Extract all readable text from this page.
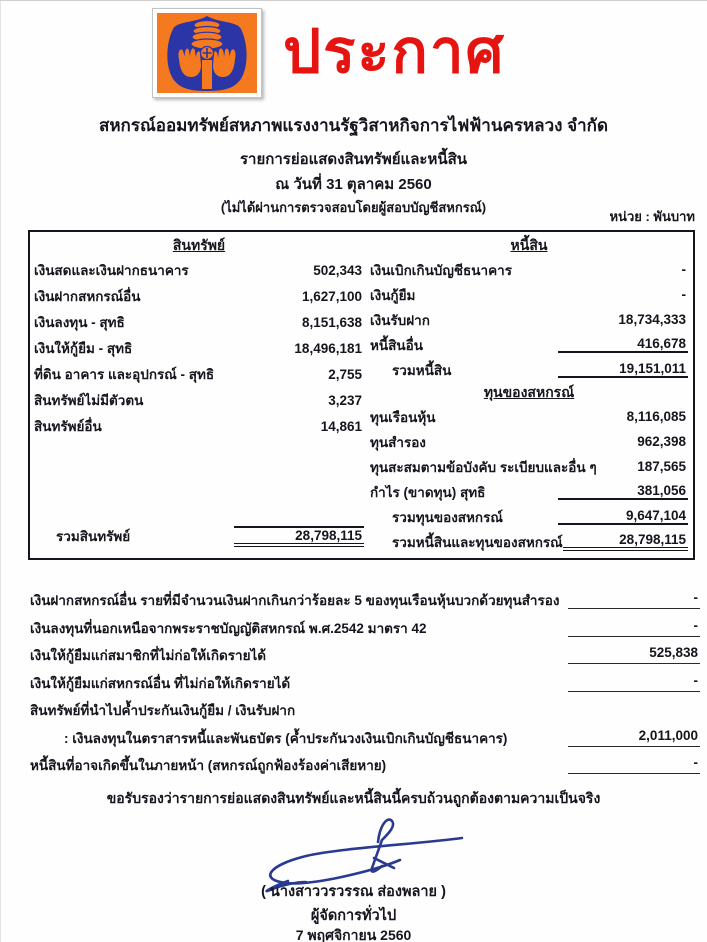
ประกาศ
สหกรณ์ออมทรัพย์สหภาพแรงงานรัฐวิสาหกิจการไฟฟ้านครหลวง จำกัด
รายการย่อแสดงสินทรัพย์และหนี้สิน
ณ วันที่ 31 ตุลาคม 2560
(ไม่ได้ผ่านการตรวจสอบโดยผู้สอบบัญชีสหกรณ์)
หน่วย : พันบาท
สินทรัพย์
เงินสดและเงินฝากธนาคาร	502,343
เงินฝากสหกรณ์อื่น	1,627,100
เงินลงทุน - สุทธิ	8,151,638
เงินให้กู้ยืม - สุทธิ	18,496,181
ที่ดิน อาคาร และอุปกรณ์ - สุทธิ	2,755
สินทรัพย์ไม่มีตัวตน	3,237
สินทรัพย์อื่น	14,861
รวมสินทรัพย์	28,798,115
หนี้สิน
เงินเบิกเกินบัญชีธนาคาร	-
เงินกู้ยืม	-
เงินรับฝาก	18,734,333
หนี้สินอื่น	416,678
รวมหนี้สิน	19,151,011
ทุนของสหกรณ์
ทุนเรือนหุ้น	8,116,085
ทุนสำรอง	962,398
ทุนสะสมตามข้อบังคับ ระเบียบและอื่น ๆ	187,565
กำไร (ขาดทุน) สุทธิ	381,056
รวมทุนของสหกรณ์	9,647,104
รวมหนี้สินและทุนของสหกรณ์	28,798,115
เงินฝากสหกรณ์อื่น รายที่มีจำนวนเงินฝากเกินกว่าร้อยละ 5 ของทุนเรือนหุ้นบวกด้วยทุนสำรอง	-
เงินลงทุนที่นอกเหนือจากพระราชบัญญัติสหกรณ์ พ.ศ.2542 มาตรา 42	-
เงินให้กู้ยืมแก่สมาชิกที่ไม่ก่อให้เกิดรายได้	525,838
เงินให้กู้ยืมแก่สหกรณ์อื่น ที่ไม่ก่อให้เกิดรายได้	-
สินทรัพย์ที่นำไปค้ำประกันเงินกู้ยืม / เงินรับฝาก
: เงินลงทุนในตราสารหนี้และพันธบัตร (ค้ำประกันวงเงินเบิกเกินบัญชีธนาคาร)	2,011,000
หนี้สินที่อาจเกิดขึ้นในภายหน้า (สหกรณ์ถูกฟ้องร้องค่าเสียหาย)	-
ขอรับรองว่ารายการย่อแสดงสินทรัพย์และหนี้สินนี้ครบถ้วนถูกต้องตามความเป็นจริง
( นางสาววรวรรณ ส่องพลาย )
ผู้จัดการทั่วไป
7 พฤศจิกายน 2560
